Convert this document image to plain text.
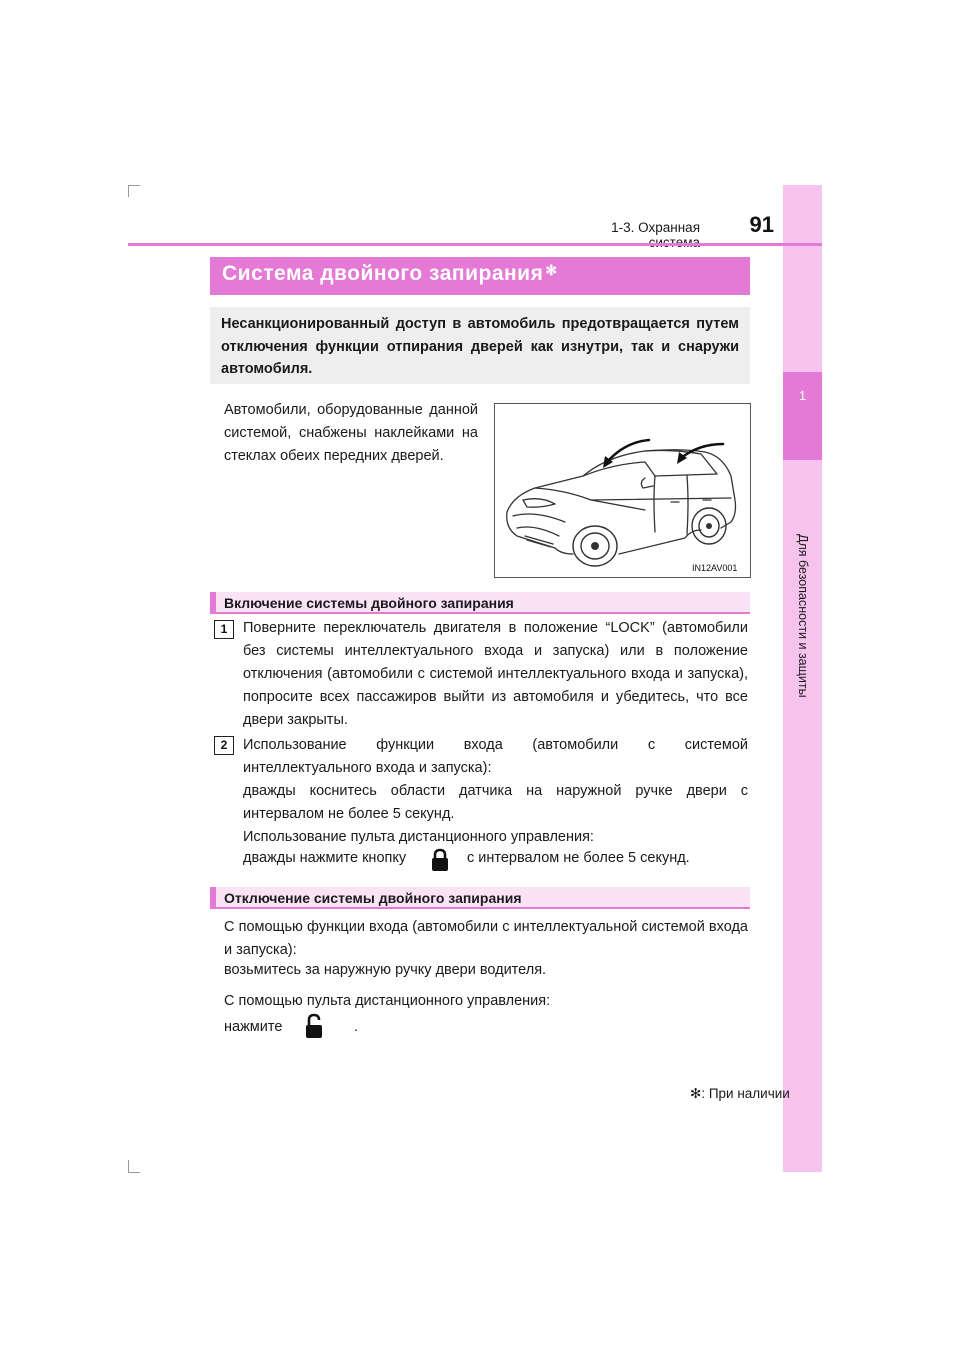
1
Для безопасности и защиты
1-3. Охранная	91
Система двойного запирания ✻
Несанкционированный доступ в автомобиль предотвращается путем отключения функции отпирания дверей как изнутри, так и снаружи автомобиля.
Автомобили, оборудованные данной системой, снабжены наклейками на стеклах обеих передних дверей.
IN12AV001
Включение системы двойного запирания
1	Поверните переключатель двигателя в положение “LOCK” (автомобили без системы интеллектуального входа и запуска) или в положение отключения (автомобили с системой интеллектуального входа и запуска), попросите всех пассажиров выйти из автомобиля и убедитесь, что все двери закрыты.
2	Использование функции входа (автомобили с системой интеллектуального входа и запуска):
дважды коснитесь области датчика на наружной ручке двери с интервалом не более 5 секунд.
Использование пульта дистанционного управления:
дважды нажмите кнопку	с интервалом не более 5 секунд.
Отключение системы двойного запирания
С помощью функции входа (автомобили с интеллектуальной системой входа и запуска):
возьмитесь за наружную ручку двери водителя.
С помощью пульта дистанционного управления:
нажмите	.
✻: При наличии
